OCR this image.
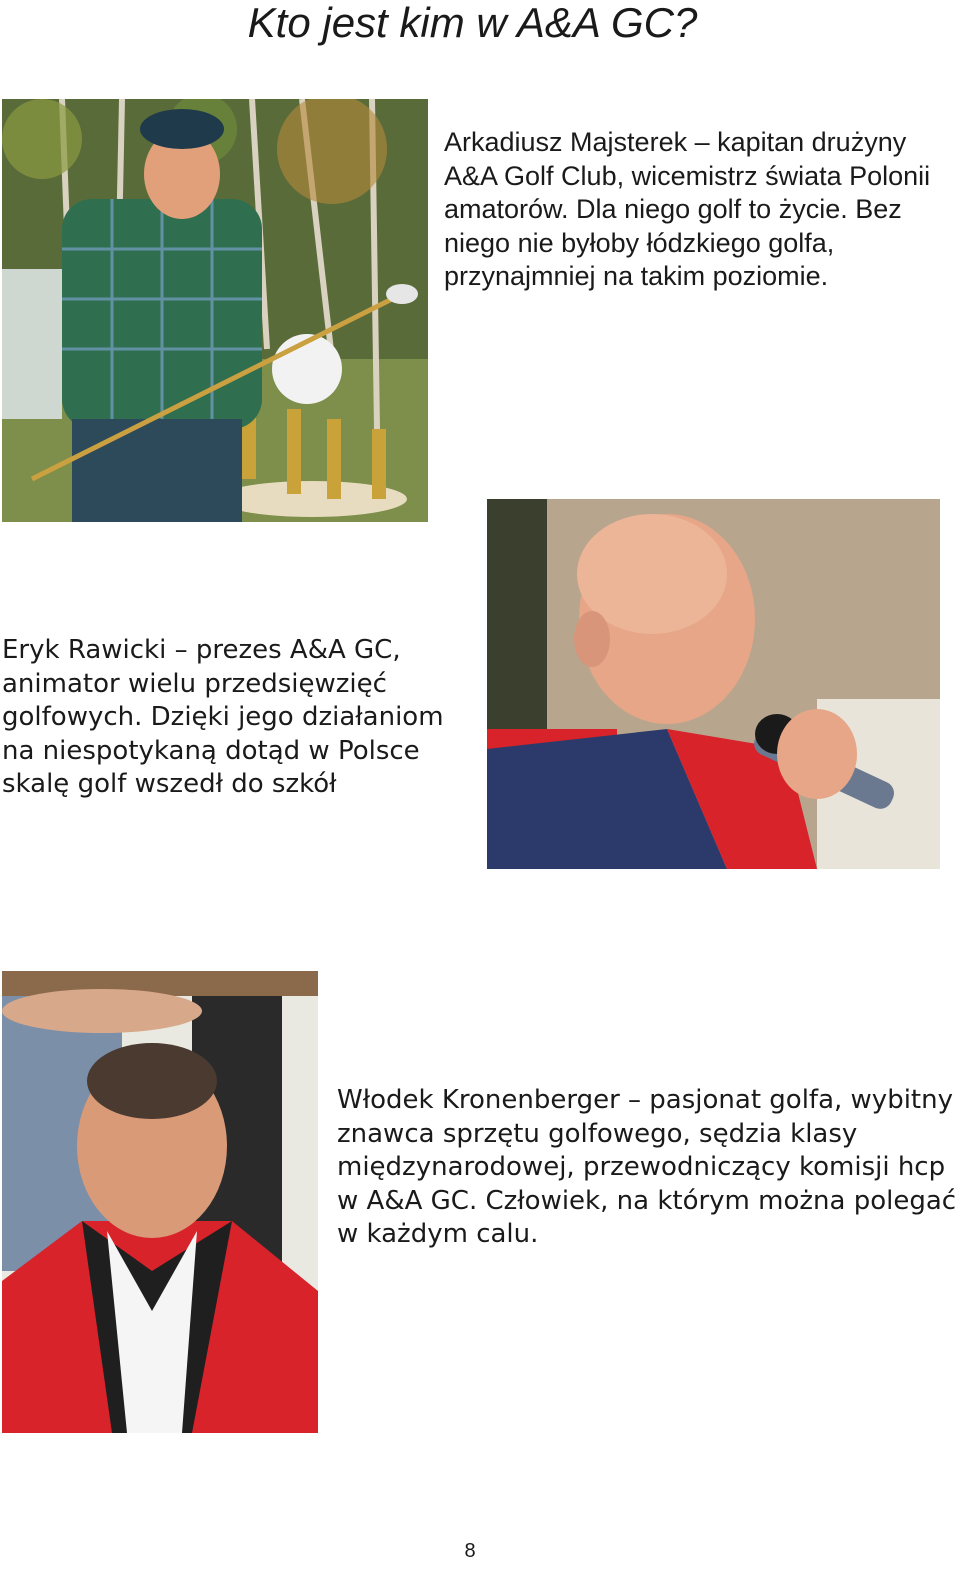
Kto jest kim w A&A GC?

Arkadiusz Majsterek – kapitan drużyny A&A Golf Club, wicemistrz świata Polonii amatorów. Dla niego golf to życie. Bez niego nie byłoby łódzkiego golfa, przynajmniej na takim poziomie.

Eryk Rawicki – prezes A&A GC, animator wielu przedsięwzięć golfowych. Dzięki jego działaniom na niespotykaną dotąd w Polsce skalę golf wszedł do szkół

Włodek Kronenberger – pasjonat golfa, wybitny znawca sprzętu golfowego, sędzia klasy międzynarodowej, przewodniczący komisji hcp w A&A GC. Człowiek, na którym można polegać w każdym calu.

8
